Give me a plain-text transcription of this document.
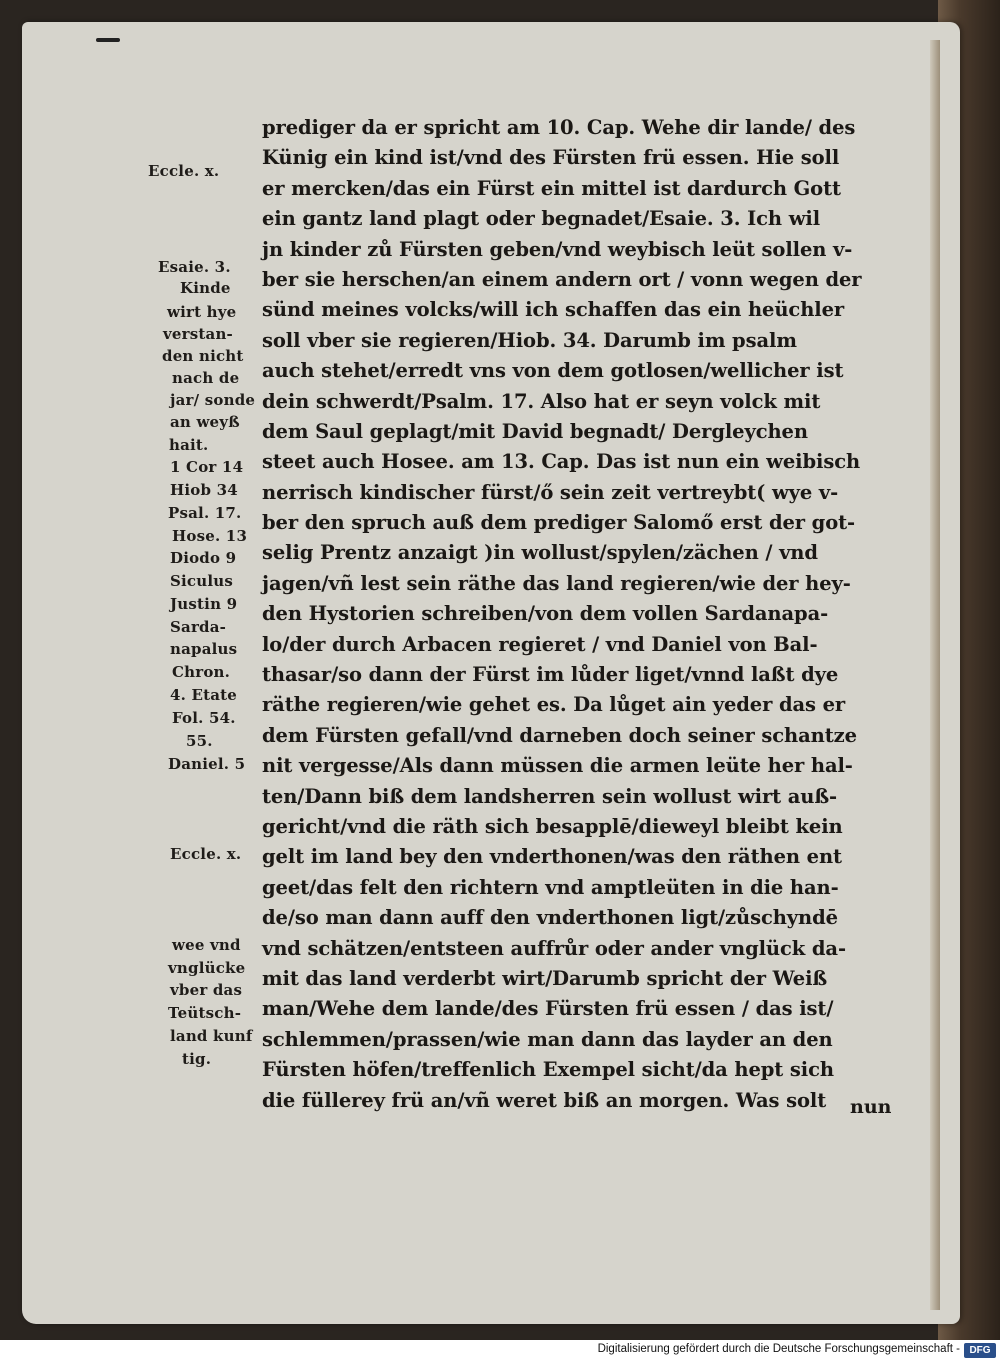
Eccle. x.
Esaie. 3.
Kinde
wirt hye
verstan-
den nicht
nach de
jar/ sonde
an weyß
hait.
1 Cor 14
Hiob 34
Psal. 17.
Hose. 13
Diodo 9
Siculus
Justin 9
Sarda-
napalus
Chron.
4. Etate
Fol. 54.
55.
Daniel. 5
Eccle. x.
wee vnd
vnglücke
vber das
Teütsch-
land kunf
tig.
prediger da er spricht am 10. Cap. Wehe dir lande/ des
Künig ein kind ist/vnd des Fürsten frü essen. Hie soll
er mercken/das ein Fürst ein mittel ist dardurch Gott
ein gantz land plagt oder begnadet/Esaie. 3. Ich wil
jn kinder zů Fürsten geben/vnd weybisch leüt sollen v-
ber sie herschen/an einem andern ort / vonn wegen der
sünd meines volcks/will ich schaffen das ein heüchler
soll vber sie regieren/Hiob. 34. Darumb im psalm
auch stehet/erredt vns von dem gotlosen/wellicher ist
dein schwerdt/Psalm. 17. Also hat er seyn volck mit
dem Saul geplagt/mit David begnadt/ Dergleychen
steet auch Hosee. am 13. Cap. Das ist nun ein weibisch
nerrisch kindischer fürst/ő sein zeit vertreybt( wye v-
ber den spruch auß dem prediger Salomő erst der got-
selig Prentz anzaigt )in wollust/spylen/zächen / vnd
jagen/vñ lest sein räthe das land regieren/wie der hey-
den Hystorien schreiben/von dem vollen Sardanapa-
lo/der durch Arbacen regieret / vnd Daniel von Bal-
thasar/so dann der Fürst im lůder liget/vnnd laßt dye
räthe regieren/wie gehet es. Da lůget ain yeder das er
dem Fürsten gefall/vnd darneben doch seiner schantze
nit vergesse/Als dann müssen die armen leüte her hal-
ten/Dann biß dem landsherren sein wollust wirt auß-
gericht/vnd die räth sich besapplē/dieweyl bleibt kein
gelt im land bey den vnderthonen/was den räthen ent
geet/das felt den richtern vnd amptleüten in die han-
de/so man dann auff den vnderthonen ligt/zůschyndē
vnd schätzen/entsteen auffrůr oder ander vnglück da-
mit das land verderbt wirt/Darumb spricht der Weiß
man/Wehe dem lande/des Fürsten frü essen / das ist/
schlemmen/prassen/wie man dann das layder an den
Fürsten höfen/treffenlich Exempel sicht/da hept sich
die füllerey frü an/vñ weret biß an morgen. Was solt	nun
Digitalisierung gefördert durch die Deutsche Forschungsgemeinschaft - DFG
